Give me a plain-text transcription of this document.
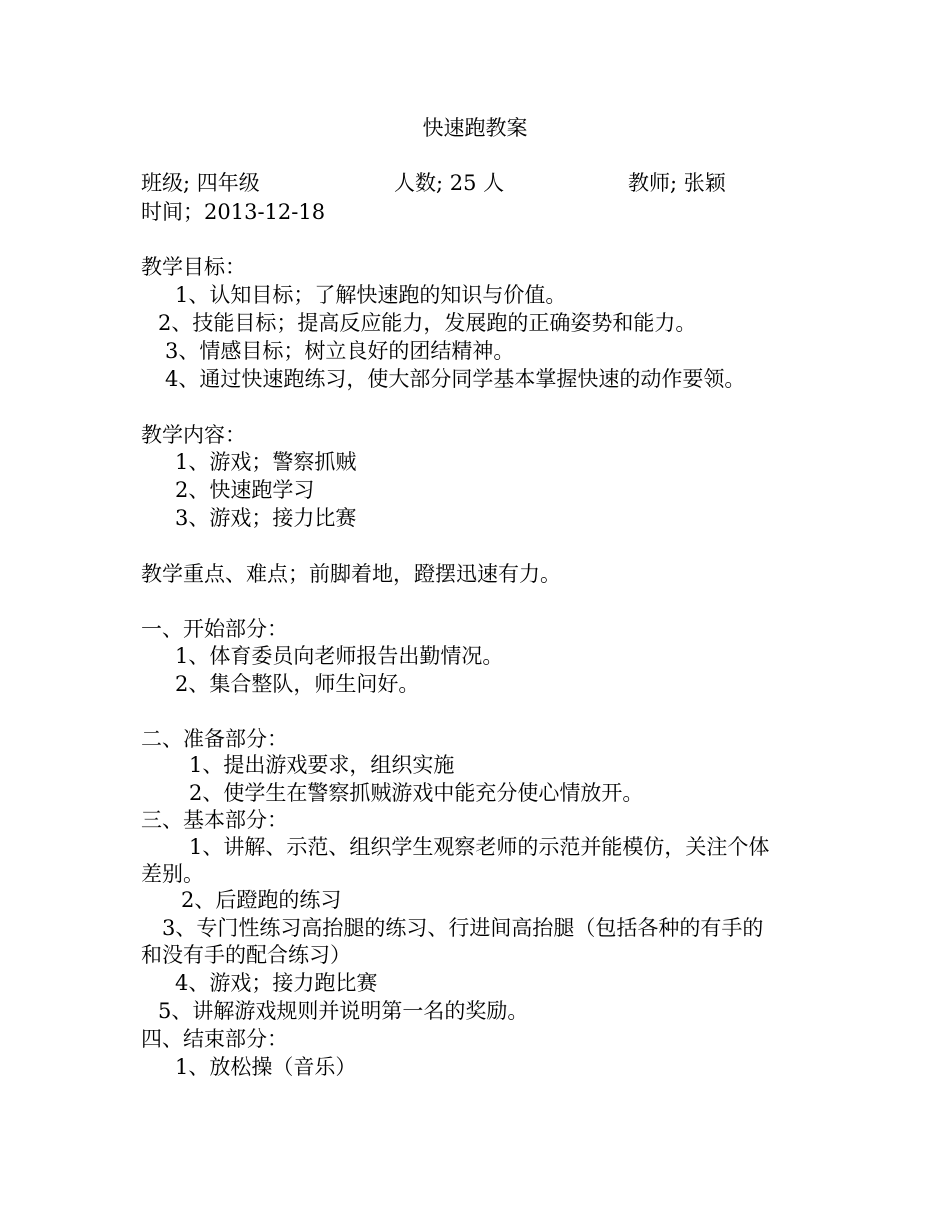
快速跑教案
班级; 四年级	人数; 25 人	教师; 张颖
时间；2013-12-18
教学目标：
1、认知目标；了解快速跑的知识与价值。
2、技能目标；提高反应能力，发展跑的正确姿势和能力。
3、情感目标；树立良好的团结精神。
4、通过快速跑练习，使大部分同学基本掌握快速的动作要领。
教学内容：
1、游戏；警察抓贼
2、快速跑学习
3、游戏；接力比赛
教学重点、难点；前脚着地，蹬摆迅速有力。
一、开始部分：
1、体育委员向老师报告出勤情况。
2、集合整队，师生问好。
二、准备部分：
1、提出游戏要求，组织实施
2、使学生在警察抓贼游戏中能充分使心情放开。
三、基本部分：
1、讲解、示范、组织学生观察老师的示范并能模仿，关注个体
差别。
2、后蹬跑的练习
3、专门性练习高抬腿的练习、行进间高抬腿（包括各种的有手的
和没有手的配合练习）
4、游戏；接力跑比赛
5、讲解游戏规则并说明第一名的奖励。
四、结束部分：
1、放松操（音乐）
